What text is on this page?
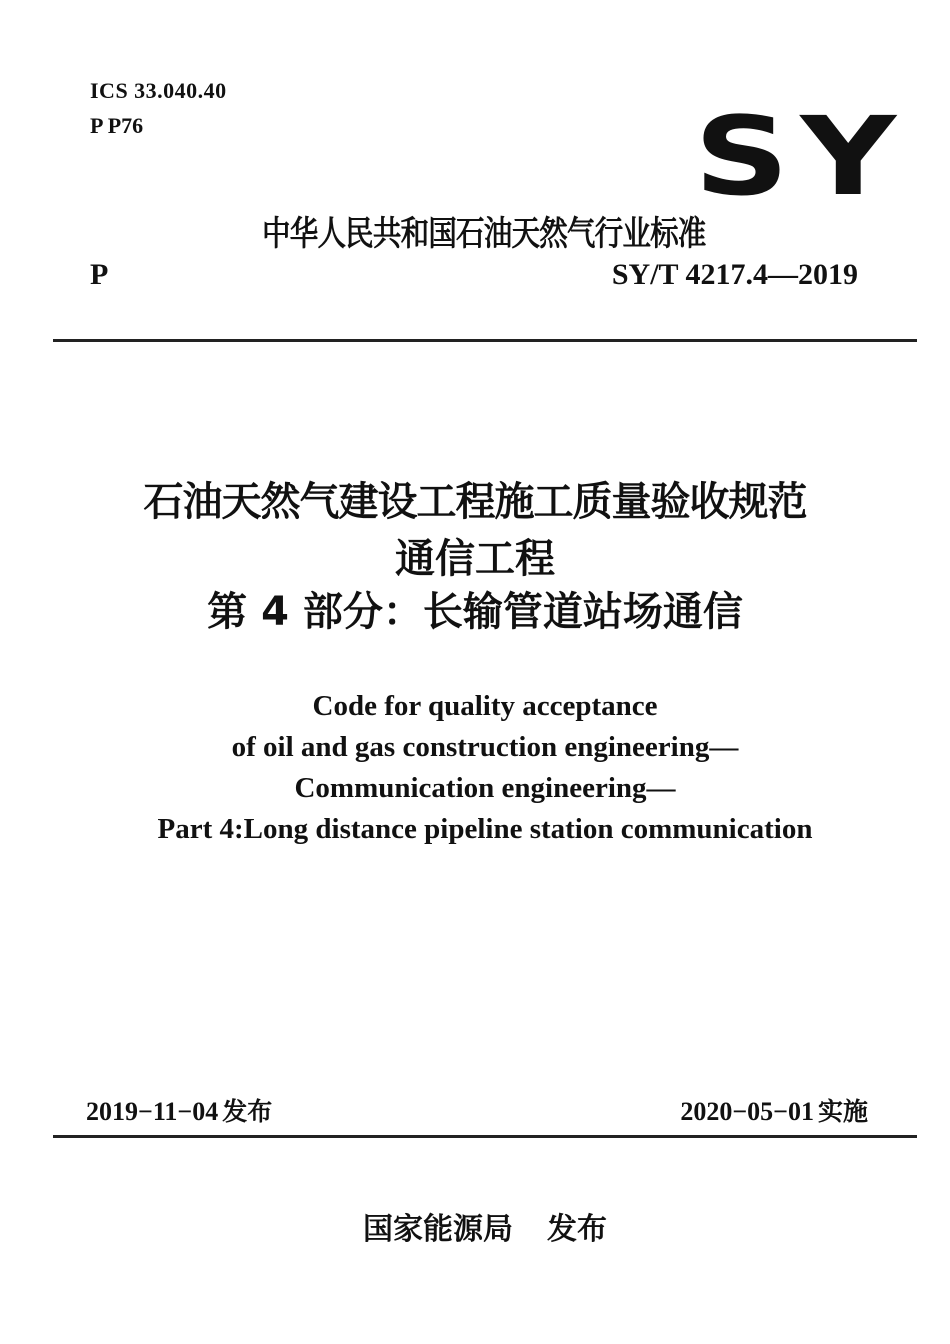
ICS 33.040.40
P P76	SY
中华人民共和国石油天然气行业标准
P	SY/T 4217.4—2019
石油天然气建设工程施工质量验收规范
通信工程
第 4 部分：长输管道站场通信
Code for quality acceptance
of oil and gas construction engineering—
Communication engineering—
Part 4:Long distance pipeline station communication
2019−11−04 发布	2020−05−01 实施
国家能源局 发布
